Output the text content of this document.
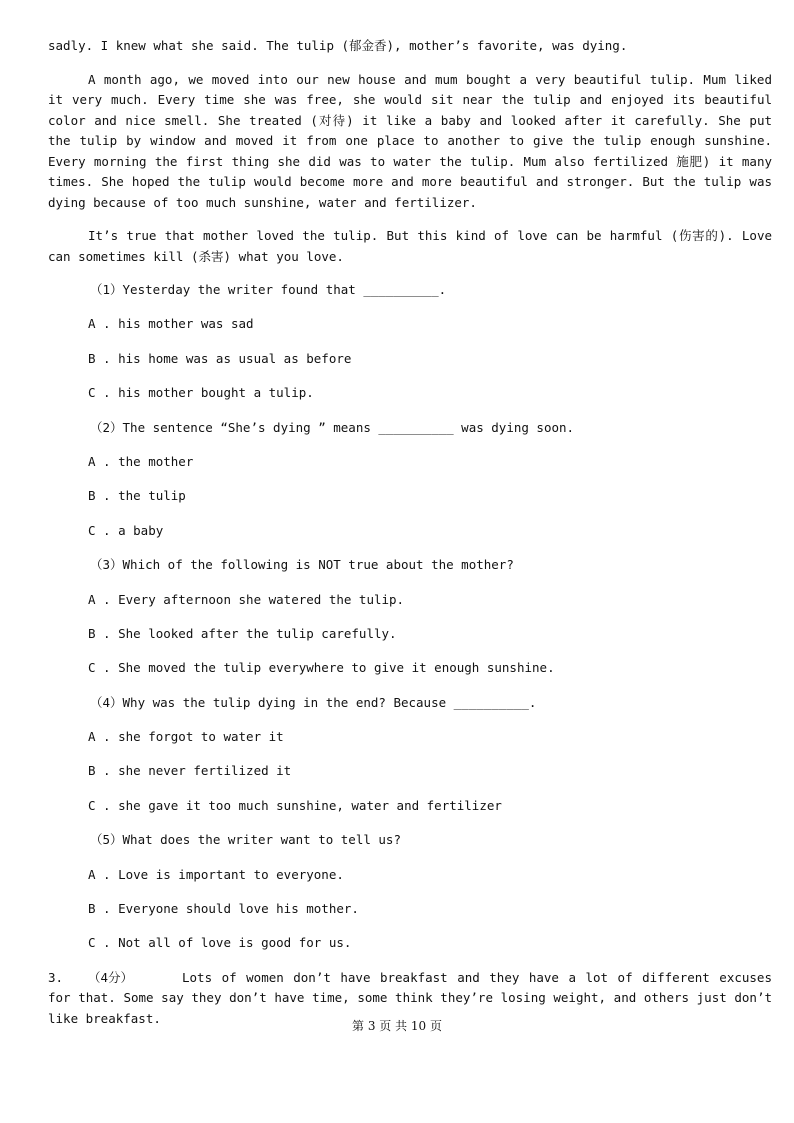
sadly. I knew what she said. The tulip (郁金香), mother’s favorite, was dying.

A month ago, we moved into our new house and mum bought a very beautiful tulip. Mum liked it very much. Every time she was free, she would sit near the tulip and enjoyed its beautiful color and nice smell. She treated (对待) it like a baby and looked after it carefully. She put the tulip by window and moved it from one place to another to give the tulip enough sunshine. Every morning the first thing she did was to water the tulip. Mum also fertilized 施肥) it many times. She hoped the tulip would become more and more beautiful and stronger. But the tulip was dying because of too much sunshine, water and fertilizer.

It’s true that mother loved the tulip. But this kind of love can be harmful (伤害的). Love can sometimes kill (杀害) what you love.

（1）Yesterday the writer found that __________.
A . his mother was sad
B . his home was as usual as before
C . his mother bought a tulip.
（2）The sentence “She’s dying ” means __________ was dying soon.
A . the mother
B . the tulip
C . a baby
（3）Which of the following is NOT true about the mother?
A . Every afternoon she watered the tulip.
B . She looked after the tulip carefully.
C . She moved the tulip everywhere to give it enough sunshine.
（4）Why was the tulip dying in the end? Because __________.
A . she forgot to water it
B . she never fertilized it
C . she gave it too much sunshine, water and fertilizer
（5）What does the writer want to tell us?
A . Love is important to everyone.
B . Everyone should love his mother.
C . Not all of love is good for us.

3. （4分）	Lots of women don’t have breakfast and they have a lot of different excuses for that. Some say they don’t have time, some think they’re losing weight, and others just don’t like breakfast.

第 3 页 共 10 页
